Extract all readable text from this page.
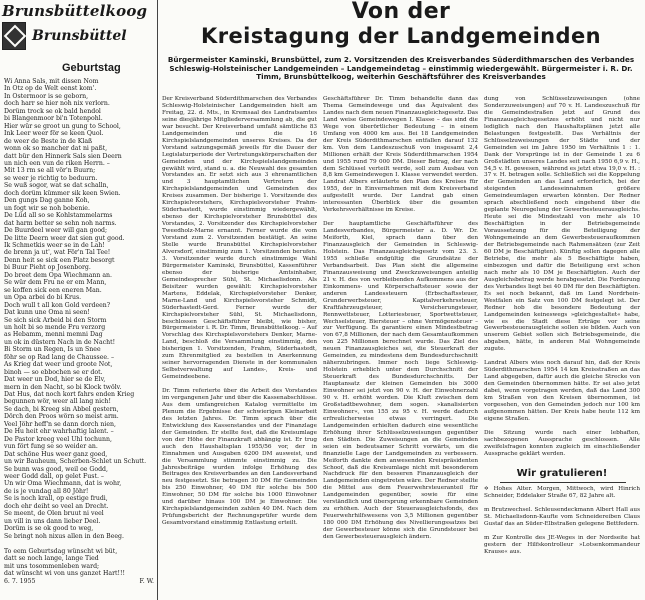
Brunsbüttelkoog
Brunsbüttel
Geburtstag
Wi Anna Sals, mit dissen Nom
In Otz op de Welt eenst kom'.
In Ostermoor is se geborn,
doch harr se hier noh nix verlorn.
Dorüm trock se ok bald hendol
bi Blangenmoor bi'n Totenpohl.
Hier wür se groot un gung to School,
Ink Leer weer för se keen Quol.
de weer de Beste in de Klaß
wonn ok so mancher dat ni paßt,
datt bür den Hinnerk Sals sien Deern
un nich een vun de riken Herrn. –
Mit 13 rm se all vör'n Buurn;
se weer je richtig to beduurn.
Se wuß sogor, wat se dat schalln,
doch dorüm kümmer sik keen Swien.
Den gungs Dag ganne Koh,
un fogt wir se noh bobenie.
De Lüd all so se Kohlstammelarms
dat harm better se sehn noh narms.
De Buurdeel weer will gan good;
De litte Deern weer dat sien gut good.
Ik Schmetkis weer se in de Lah!
de brenn ja ut', wat För'n Tal Tee!
Denn heit se sick een Platz besorgt
bi Buur Pieht op Josenborg.
Do breet dem Opa Wiechmann an.
Se wür dem Fru ne er em Mann,
se koffen sick een eneren Man.
un Opa arbei do bi Krus.
Doch wull t all kon Gold verdeen?
Dat kunn une Oma ni seen!
Se sich sick Arbeid bi den Storm
un holt bi so mende Fru verzorg
as Hebamm, menni memni Dag
un ok in düstern Nach in de Nacht!
Bi Storm un Regen, Is un Snee
föhr se op Rad lang de Chaussee. –
As Krieg dat weer und groote Not,
binoh — so ebbochen se er dot.
Dat weer un Dod, hier se de Elv,
mern in den Nacht, so bi Klock twölv.
Dat Hus, dat noch kort fahrs enden Krieg
begunnen wör, weer all lang nich!
Se dach, bi Kreeg sin Abbel gestern,
Dörch den Proos wörn so meist arm.
Veel Jöhr heff'n se dann dorch nien,
De Hu heit ehr wahrhaftig lalent. –
De Pastor kreeg veel Uhl tochunn,
vun fört fung se so weider an.
Dat schöne Hus weer ganz goed,
un wir Bauheum, Scherben-Schlet un Schutt.
Se bunn was good, weil oe Godd,
weer Godd dall, op gelet Fust. –
Un wir Oma Wiechmann, dat is wohr,
de is je vundag all 80 Jöhr!
Se is noch krall, op eestige frudi,
doch ehr deiht so veel an Drecht.
Se meent, de Olen bruut ni veel
un vill in uns dann lieber Deel.
Dorüm is se ok good to weg,
Se bringt noh nixus allen in den Beeg.
To eem Geburtsdag wünscht wi büt,
datt se noch lange, lange Tied
mit uns tosommenleben ward;
dat wünscht wi von uns ganzet Hart!!!
6. 7. 1955	F. W.
Von der
Kreistagung der Landgemeinden
Bürgermeister Kaminski, Brunsbüttel, zum 2. Vorsitzenden des Kreisverbandes Süderdithmarschen des Verbandes Schleswig-Holsteinischer Landgemeinden – Landgemeindetag – einstimmig wiedergewählt. Bürgermeister i. R. Dr. Timm, Brunsbüttelkoog, weiterhin Geschäftsführer des Kreisverbandes
Der Kreisverband Süderdithmarschen des Verbandes Schleswig-Holsteinischer Landgemeinden hielt am Freitag, 22. d. Mts., in Kremsaal des Landratsamtes seine diesjährige Mitgliederversammlung ab, die gut war besucht. Der Kreisverband umfaßt sämtliche 83 Landgemeinden und die 16 Kirchspielslandgemeinden unseres Kreises. Da der Vorstand satzungsgemäß jeweils für die Dauer der Legislaturperiode der Vertretungskörperschaften der Gemeinden und der Kirchspielslandgemeinden gewählt wird, stand u. a. die Neuwahl des gesamten Vorstandes an. Er setzt sich aus 3 ehrenamtlichen und 3 hauptamtlichen Vertretern der Kirchspielslandgemeinden und Gemeinden des Kreises zusammen. Der bisherige 1. Vorsitzende des Kirchspielvorstehers, Kirchspielsvorsteher Frahm-Süderhastedt, wurde einstimmig wiedergewählt, ebenso der Kirchspielvorsteher Brunsbüttel des Vorstandes, 2. Vorsitzender des Kirchspielvorsteher Tweedholz-Marne ernannt. Ferner wurde die vom Vorstand zum 2. Vorsitzenden bestätigt. An seine Stelle wurde Brunsbüttel Kirchspielvorsteher Alversdorf, einstimmig zum 1. Vorsitzenden berufen. 3. Vorsitzender wurde durch einstimmige Wahl Bürgermeister Kaminski, Brunsbüttel, Kassenführer ebenso der bisherige Amtsinhaber, Gemeindesprecher Sühl, St. Michaelisdonn. Als Beisitzer wurden gewählt: Kirchspielvorsteher Martens, Eddelak, Kirchspielvorsteher Denker, Marne-Land und Kirchspielsvorsteher Schmidt, Süderhastedt-Gerd. Ferner wurde der Kirchspielvorsteher Sühl, St. Michaelisdonn, beschlossen Geschäftsführer bleibt, wie bisher, Bürgermeister i. R. Dr. Timm, Brunsbüttelkoog. – Auf Vorschlag des Kirchspielsvorstehers Denker, Marne-Land, beschloß die Versammlung einstimmig, den bisherigen 1. Vorsitzenden, Frahm, Süderhastedt, zum Ehrenmitglied zu bestellen in Anerkennung seiner hervorragenden Dienste in der kommunalen Selbstverwaltung auf Landes-, Kreis- und Gemeindeebene.

Dr. Timm referierte über die Arbeit des Vorstandes im vergangenen Jahr und über die Kassenabschlüsse. Aus dem umfangreichen Katalog vermittelte im Plenum die Ergebnisse der schwierigen Kleinarbeit des letzten Jahres. Dr. Timm sprach über die Entwicklung des Kassenstandes und der Finanzlage der Gemeinden. Er stellte fest, daß die Kreisumlage von der Höhe der Finanzkraft abhängig ist. Er trug auch den Haushaltsplan 1955/56 vor, der in Einnahmen und Ausgaben 6200 DM ausweist, und die Versammlung stimmte einstimmig zu. Die Jahresbeiträge wurden infolge Erhöhung des Beitrages des Kreisverbandes an den Landesverband neu festgesetzt. Sie betragen 30 DM für Gemeinden bis 250 Einwohner, 40 DM für solche bis 500 Einwohner, 50 DM für solche bis 1000 Einwohner und darüber hinaus 100 DM je Einwohner. Die Kirchspielslandgemeinden zahlen 40 DM. Nach dem Prüfungsbericht der Rechnungsprüfer wurde dem Gesamtvorstand einstimmig Entlastung erteilt.
Geschäftsführer Dr. Timm behandelte dann das Thema Gemeindewege und das Äquivalent des Landes nach dem neuen Finanzausgleichsgesetz. Das Land weise Gemeindewegen I. Klasse – das sind die Wege von überörtlicher Bedeutung – in einem Umfang von 4000 km aus. Bei 18 Landgemeinden der Kreis Süderdithmarschen entfallen darauf 132 km. Von dem Landeszuschuß von insgesamt 2,4 Millionen erhält der Kreis Süderdithmarschen 1954 und 1955 rund 79 000 DM. Dieser Betrag, der nach dem Schlüssel verteilt werde, soll zum Ausbau von 8,8 km Gemeindewegen I. Klasse verwendet werden. Landrat Albers erläuterte den Plan des Kreises für 1955, der in Einvernehmen mit dem Kreisverband aufgestellt wurde. Der Landrat gab einen interessanten Überblick über die gesamten Verkehrsverhältnisse im Kreise.

Der hauptamtliche Geschäftsführer des Landesverbandes, Bürgermeister a. D. Wr. Dr. Meiforth, Kiel, sprach dann über den Finanzausgleich der Gemeinden in Schleswig-Holstein. Das Finanzausgleichsgesetz vom 23. 3. 1955 schließe endgültig die Grundsätze der Verbandsarbeit. Das Plan sieht die allgemeine Finanzausweisung und Zweckzuweisungen anteilig 21 v. H. des von verbleibenden Aufkommens aus der Einkommens- und Körperschaftsteuer sowie der anderen Landessteuern (Erbschaftssteuer, Grunderwerbsteuer, Kapitalverkehrssteuer, Kraftfahrzeugsteuer, Versicherungsteuer, Rennwettsteuer, Lotteriesteuer, Sportwettsteuer, Wechselsteuer, Biersteuer – ohne Vermögensteuer – zur Verfügung. Es garantiere einen Mindestbetrag von 67,8 Millionen, der nach dem Gesamtaufkommen von 225 Millionen berechnet wurde. Das Ziel des neuen Finanzausgleiches sei, die Steuerkraft der Gemeinden, zu mindestens dem Bundesdurchschnitt näherzubringen. Immer noch liege Schleswig-Holstein erheblich unter dem Durchschnitt der Steuerkraft des Bundesdurchschnitts. Der Hauptansatz der kleinen Gemeinden bis 3000 Einwohner sei jetzt von 90 v. H. der Einwohnerzahl 90 v. H. erhöht worden. Die Kluft zwischen dem Großstadtbewohner, dem sogen. »kanalisierten Einwohner«, von 155 zu 95 v. H. werde dadurch erfreulicherweise etwas verringert. Die Landgemeinden erhielten dadurch eine wesentliche Erhöhung ihrer Schlüsselzuweisungen gegenüber den Städten. Die Zuweisungen an die Gemeinden seien ein bedeutsamer Schritt vorwärts, um die finanzielle Lage der Landgemeinden zu verbessern. Meiforth dankte dem anwesenden Kreispräsidenten Schoof, daß die Kreisumlage nicht mit besonderem Nachdruck für den besseren Finanzausgleich der Landgemeinden eingetreten wäre. Der Redner stellte die Mittel aus dem Feuerwehrsteueranteil für Landgemeinden gegenüber, sowie für eine verständlich und übersprung erkennbare Gemeinden zu erhöhen. Auch der Steuerausgleichsfonds, des Feuerwehrhilfswesens von 3,5 Millionen gegenüber 180 000 DM Erhöhung des Nivellierungssatzes bei der Gewerbesteuer könne sich die Grundsteuer bei den Gewerbesteuerausgleich ändern.
dung von Schlüsselzuweisungen (ohne Sonderzuweisungen) auf 70 v. H. Landeszuschuß für die Gemeindestraßen jetzt auf Grund des Finanzausgleichsgesetzes erhöht und nicht nur lediglich nach den Haushaltsplänen jetzt alle Belastungen festgestellt. Das Verhältnis der Schlüsselzuweisungen der Städte und der Gemeinden sei im Jahre 1950 im Verhältnis 1 : 1. Dank der Vorsprünge ist in der Gemeinde 1 zu 6 Großstädten unseres Landes seit nach 1950 6,9 v. H., 54,5 v. H. gewesen, während es jetzt etwa 19,0 v. H. : 37 v. H. betragen solle. Schließlich sei die Koppelung der Gemeinden an das Land erforderlich, bei der steigenden Landeseinnahmen größere Gemeindeumlagen erwarten könnten. Der Redner sprach abschließend noch eingehend über die geplante Neuregelung der Gewerbesteuerausgleichs. Heute sei die Mindestzahl von mehr als 10 Beschäftigten in der Betriebsgemeinde Voraussetzung für die Beteiligung der Wohngemeinde an dem Gewerbesteueraufkommen der Betriebsgemeinde nach Rahmensätzen (zur Zeit 60 DM je Beschäftigten). Künftig sollen dagegen alle Betriebe, die mehr als 5 Beschäftigte haben, einbezogen und dafür die Beteiligung erst schon nach mehr als 10 DM je Beschäftigten. Auch der Ausgleichsbetrag werde herabgesetzt. Die Forderung des Verbandes liegt bei 40 DM für den Beschäftigten. Es sei noch bekannt, daß im Land Nordrhein-Westfalen ein Satz von 100 DM festgelegt ist. Der Redner hob die besondere Bedeutung der Landgemeinden keineswegs »gleichgestaltet« habe, wie es die Stadt diese Erträge vor seine Gewerbesteuerausgleiche sollen sie bilden. Auch von unserem Gebiet sollen sich Betriebsgemeinde, die abgaben, hätte, in anderen Mal Wohngemeinde zugute.

Landrat Albers wies noch darauf hin, daß der Kreis Süderdithmarschen 1954 14 km Kreisstraßen an das Land abgegeben, dafür auch die gleiche Strecke von den Gemeinden übernommen hätte. Er sei also jetzt dabei, wenn vorgetragen werden, daß das Land 300 km Straßen von den Kreisen übernommen, ist vorgesehen, von den Gemeinden jedoch nur 100 km aufgenommen hätten. Der Kreis habe heute 112 km eigene Straßen.

Die Sitzung wurde nach einer lebhaften, sachbezogenen Aussprache geschlossen. Alle zweifelsfragen konnten zugleich im einschließender Aussprache geklärt werden.

Wir gratulieren!
✡ Hohes Alter. Morgen, Mittwoch, wird Hinrich Schneider, Eddelaker Straße 67, 82 Jahre alt.

m Brutzwechsel. Schleusendeckmann Albert Hall aus St. Michaelisdonn-Kaufte vom Schneidereiben Claus Gustaf das an Süder-Elbstraßen gelegene Bettfedern.

m Zur Kontrolle des JE-Weges in der Nordseite hat gestern der Hilfskontrolleur »Lotsenkommandeur Krause« aus.
